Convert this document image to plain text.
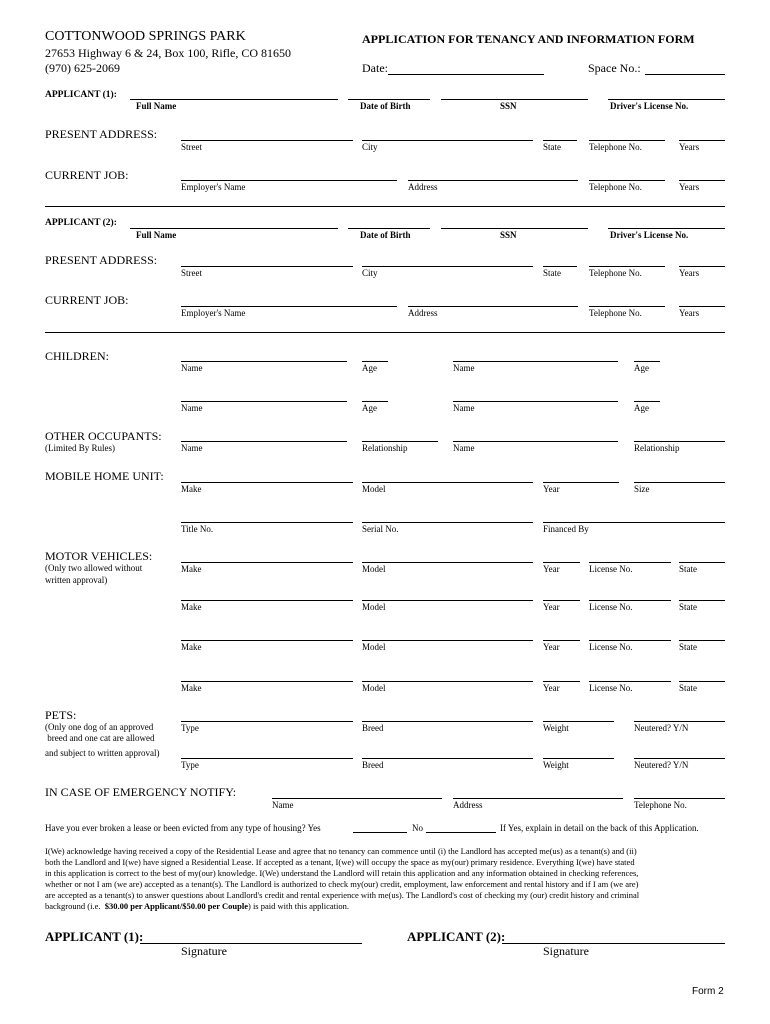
COTTONWOOD SPRINGS PARK
27653 Highway 6 & 24, Box 100, Rifle, CO 81650
(970) 625-2069
APPLICATION FOR TENANCY AND INFORMATION FORM
Date:	Space No.:
APPLICANT (1):
Full Name	Date of Birth	SSN	Driver's License No.
PRESENT ADDRESS:
Street	City	State	Telephone No.	Years
CURRENT JOB:
Employer's Name	Address	Telephone No.	Years
APPLICANT (2):
Full Name	Date of Birth	SSN	Driver's License No.
PRESENT ADDRESS:
Street	City	State	Telephone No.	Years
CURRENT JOB:
Employer's Name	Address	Telephone No.	Years
CHILDREN:
Name	Age	Name	Age
Name	Age	Name	Age
OTHER OCCUPANTS:
(Limited By Rules)	Name	Relationship	Name	Relationship
MOBILE HOME UNIT:
Make	Model	Year	Size
Title No.	Serial No.	Financed By
MOTOR VEHICLES:
(Only two allowed without
written approval)
Make	Model	Year	License No.	State
Make	Model	Year	License No.	State
Make	Model	Year	License No.	State
Make	Model	Year	License No.	State
PETS:
(Only one dog of an approved
breed and one cat are allowed
and subject to written approval)
Type	Breed	Weight	Neutered? Y/N
Type	Breed	Weight	Neutered? Y/N
IN CASE OF EMERGENCY NOTIFY:
Name	Address	Telephone No.
Have you ever broken a lease or been evicted from any type of housing? Yes	No	If Yes, explain in detail on the back of this Application.
I(We) acknowledge having received a copy of the Residential Lease and agree that no tenancy can commence until (i) the Landlord has accepted me(us) as a tenant(s) and (ii)
both the Landlord and I(we) have signed a Residential Lease. If accepted as a tenant, I(we) will occupy the space as my(our) primary residence. Everything I(we) have stated
in this application is correct to the best of my(our) knowledge. I(We) understand the Landlord will retain this application and any information obtained in checking references,
whether or not I am (we are) accepted as a tenant(s). The Landlord is authorized to check my(our) credit, employment, law enforcement and rental history and if I am (we are)
are accepted as a tenant(s) to answer questions about Landlord's credit and rental experience with me(us). The Landlord's cost of checking my (our) credit history and criminal
background (i.e.  $30.00 per Applicant/$50.00 per Couple) is paid with this application.
APPLICANT (1):
Signature
APPLICANT (2):
Signature
Form 2
